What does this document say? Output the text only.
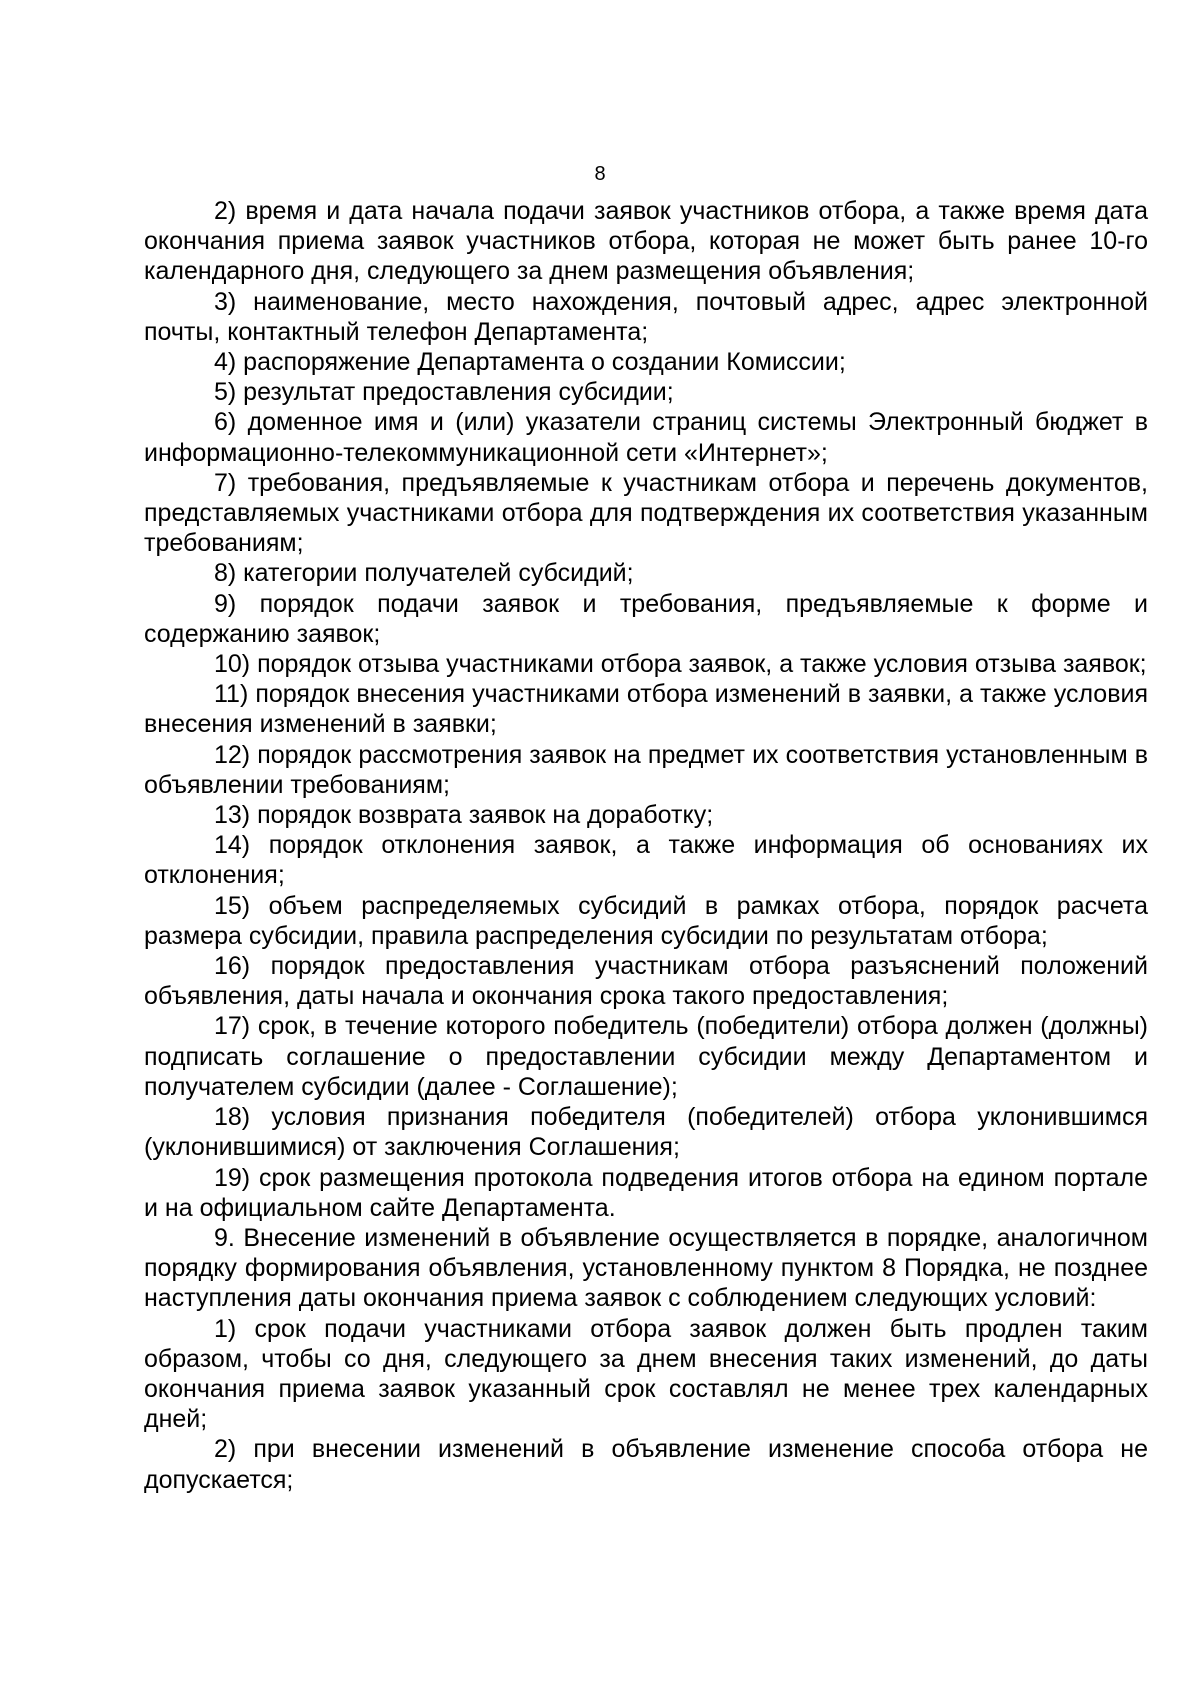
8

2) время и дата начала подачи заявок участников отбора, а также время дата окончания приема заявок участников отбора, которая не может быть ранее 10-го календарного дня, следующего за днем размещения объявления;

3) наименование, место нахождения, почтовый адрес, адрес электронной почты, контактный телефон Департамента;

4) распоряжение Департамента о создании Комиссии;

5) результат предоставления субсидии;

6) доменное имя и (или) указатели страниц системы Электронный бюджет в информационно-телекоммуникационной сети «Интернет»;

7) требования, предъявляемые к участникам отбора и перечень документов, представляемых участниками отбора для подтверждения их соответствия указанным требованиям;

8) категории получателей субсидий;

9) порядок подачи заявок и требования, предъявляемые к форме и содержанию заявок;

10) порядок отзыва участниками отбора заявок, а также условия отзыва заявок;

11) порядок внесения участниками отбора изменений в заявки, а также условия внесения изменений в заявки;

12) порядок рассмотрения заявок на предмет их соответствия установленным в объявлении требованиям;

13) порядок возврата заявок на доработку;

14) порядок отклонения заявок, а также информация об основаниях их отклонения;

15) объем распределяемых субсидий в рамках отбора, порядок расчета размера субсидии, правила распределения субсидии по результатам отбора;

16) порядок предоставления участникам отбора разъяснений положений объявления, даты начала и окончания срока такого предоставления;

17) срок, в течение которого победитель (победители) отбора должен (должны) подписать соглашение о предоставлении субсидии между Департаментом и получателем субсидии (далее - Соглашение);

18) условия признания победителя (победителей) отбора уклонившимся (уклонившимися) от заключения Соглашения;

19) срок размещения протокола подведения итогов отбора на едином портале и на официальном сайте Департамента.

9. Внесение изменений в объявление осуществляется в порядке, аналогичном порядку формирования объявления, установленному пунктом 8 Порядка, не позднее наступления даты окончания приема заявок с соблюдением следующих условий:

1) срок подачи участниками отбора заявок должен быть продлен таким образом, чтобы со дня, следующего за днем внесения таких изменений, до даты окончания приема заявок указанный срок составлял не менее трех календарных дней;

2) при внесении изменений в объявление изменение способа отбора не допускается;
